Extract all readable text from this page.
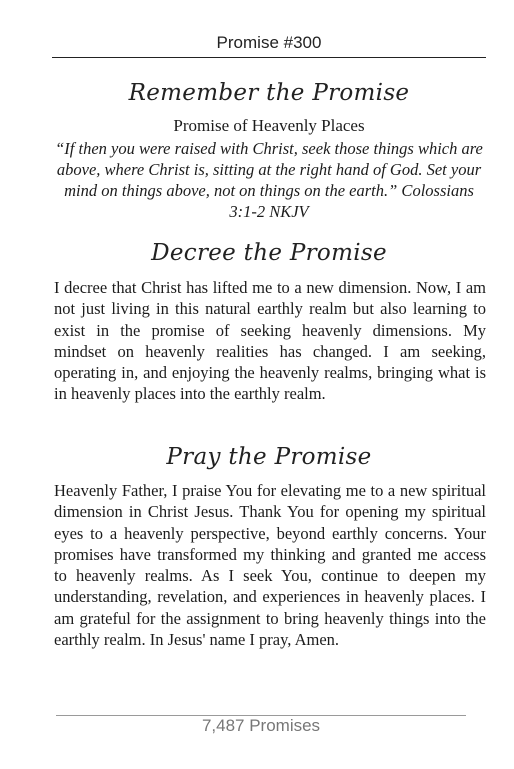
Promise #300
Remember the Promise
Promise of Heavenly Places
“If then you were raised with Christ, seek those things which are above, where Christ is, sitting at the right hand of God. Set your mind on things above, not on things on the earth.” Colossians 3:1-2 NKJV
Decree the Promise
I decree that Christ has lifted me to a new dimension. Now, I am not just living in this natural earthly realm but also learning to exist in the promise of seeking heavenly dimensions. My mindset on heavenly realities has changed. I am seeking, operating in, and enjoying the heavenly realms, bringing what is in heavenly places into the earthly realm.
Pray the Promise
Heavenly Father, I praise You for elevating me to a new spiritual dimension in Christ Jesus. Thank You for opening my spiritual eyes to a heavenly perspective, beyond earthly concerns. Your promises have transformed my thinking and granted me access to heavenly realms. As I seek You, continue to deepen my understanding, revelation, and experiences in heavenly places. I am grateful for the assignment to bring heavenly things into the earthly realm. In Jesus' name I pray, Amen.
7,487 Promises
